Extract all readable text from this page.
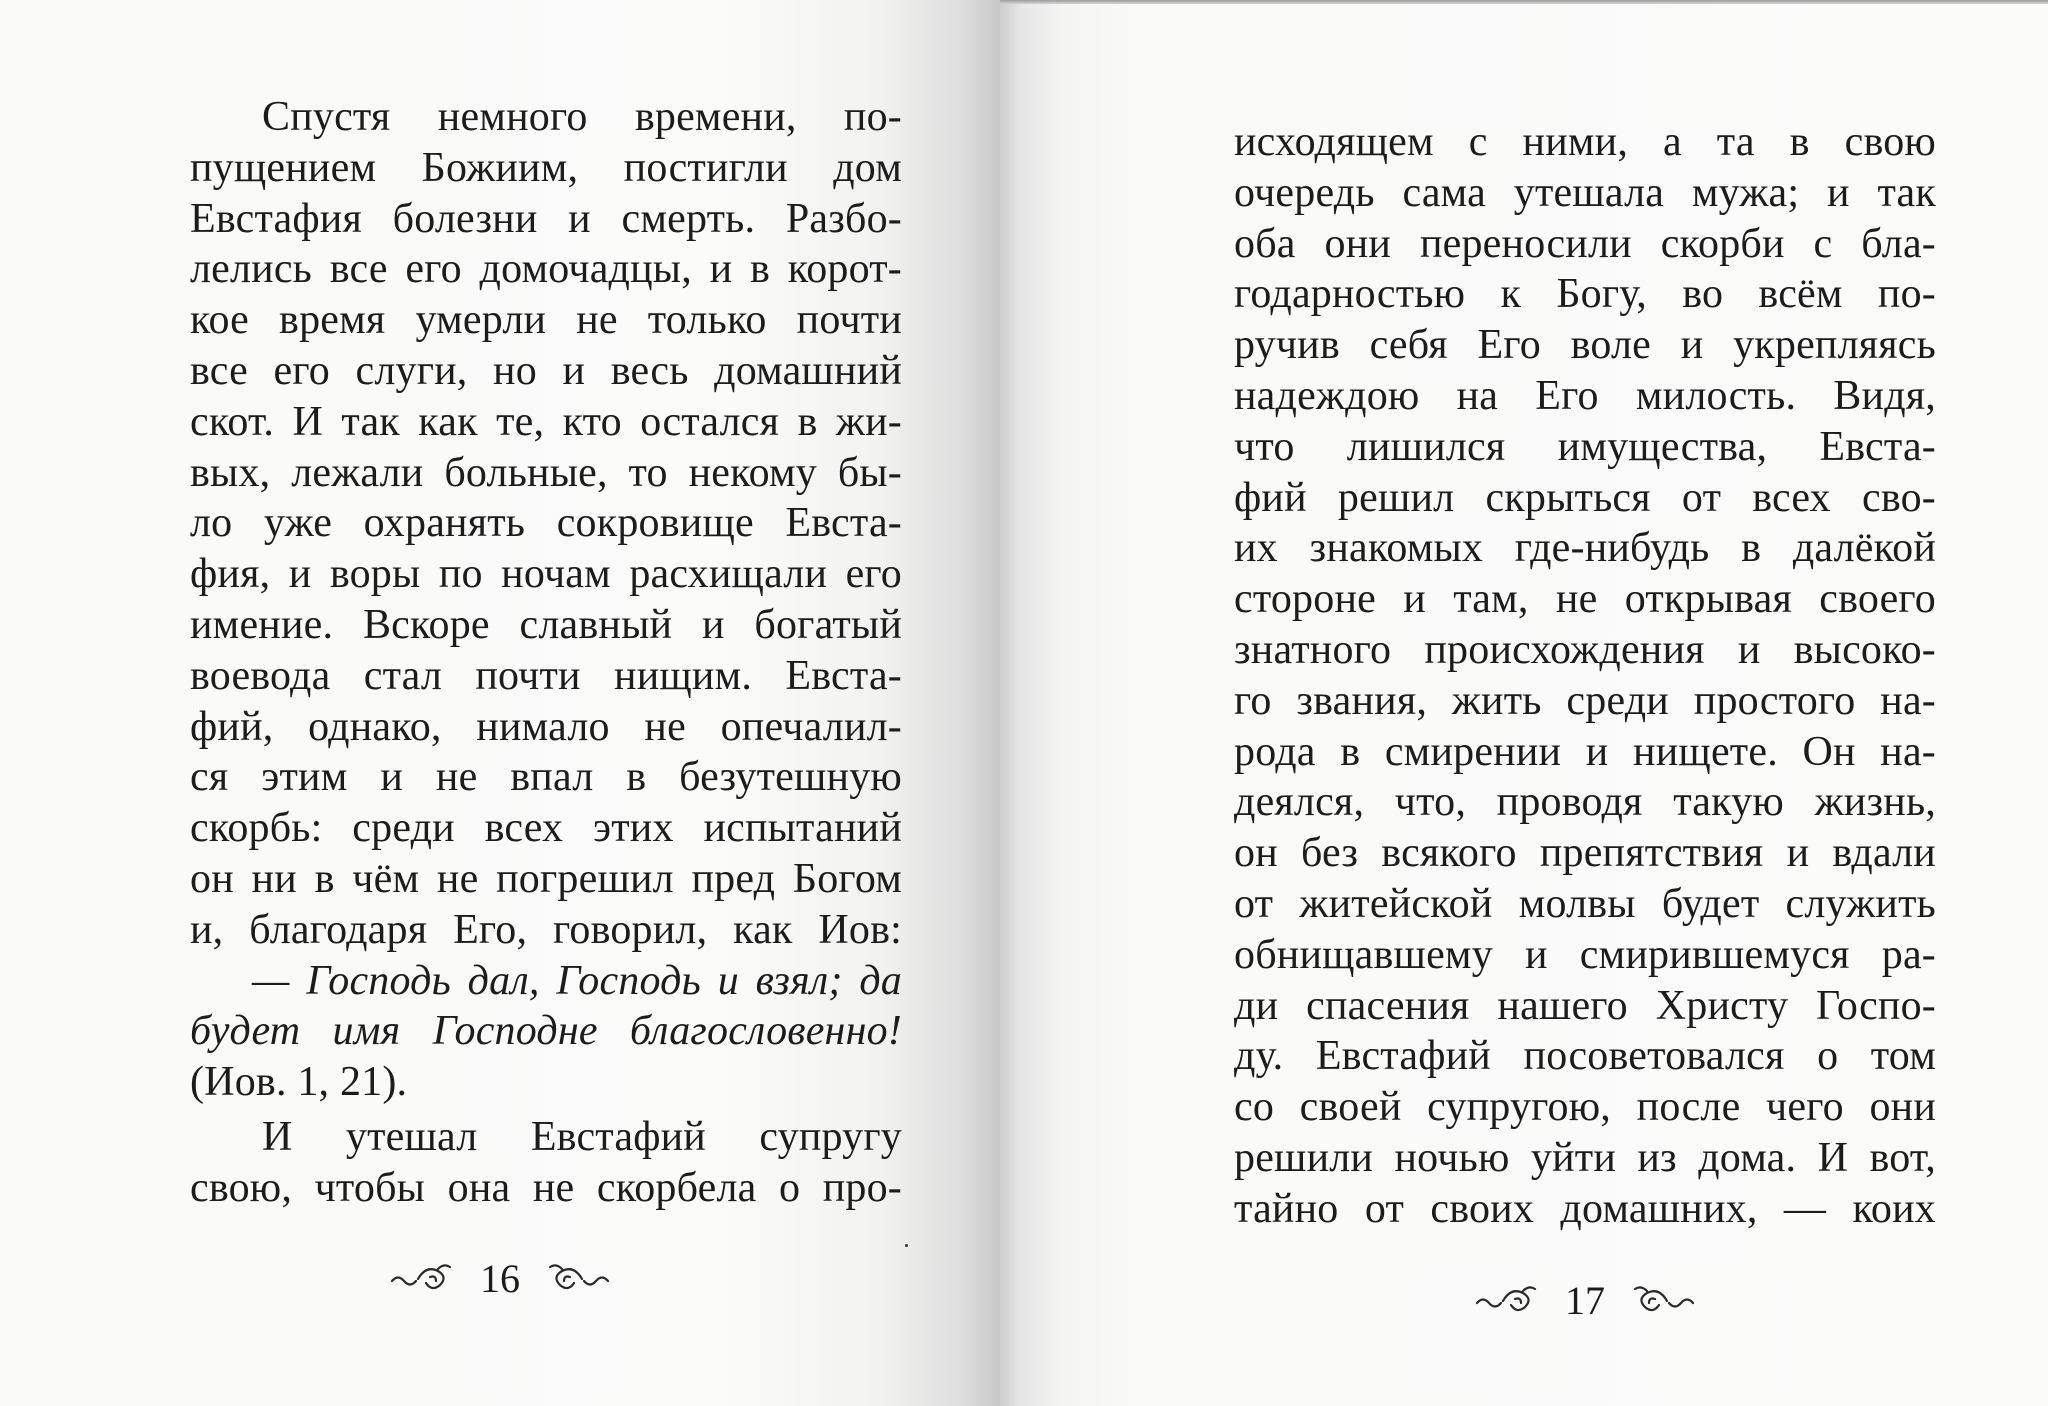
Спустя немного времени, по-
пущением Божиим, постигли дом
Евстафия болезни и смерть. Разбо-
лелись все его домочадцы, и в корот-
кое время умерли не только почти
все его слуги, но и весь домашний
скот. И так как те, кто остался в жи-
вых, лежали больные, то некому бы-
ло уже охранять сокровище Евста-
фия, и воры по ночам расхищали его
имение. Вскоре славный и богатый
воевода стал почти нищим. Евста-
фий, однако, нимало не опечалил-
ся этим и не впал в безутешную
скорбь: среди всех этих испытаний
он ни в чём не погрешил пред Богом
и, благодаря Его, говорил, как Иов:
— Господь дал, Господь и взял; да
будет имя Господне благословенно!
(Иов. 1, 21).
И утешал Евстафий супругу
свою, чтобы она не скорбела о про-
16
исходящем с ними, а та в свою
очередь сама утешала мужа; и так
оба они переносили скорби с бла-
годарностью к Богу, во всём по-
ручив себя Его воле и укрепляясь
надеждою на Его милость. Видя,
что лишился имущества, Евста-
фий решил скрыться от всех сво-
их знакомых где-нибудь в далёкой
стороне и там, не открывая своего
знатного происхождения и высоко-
го звания, жить среди простого на-
рода в смирении и нищете. Он на-
деялся, что, проводя такую жизнь,
он без всякого препятствия и вдали
от житейской молвы будет служить
обнищавшему и смирившемуся ра-
ди спасения нашего Христу Госпо-
ду. Евстафий посоветовался о том
со своей супругою, после чего они
решили ночью уйти из дома. И вот,
тайно от своих домашних, — коих
17
